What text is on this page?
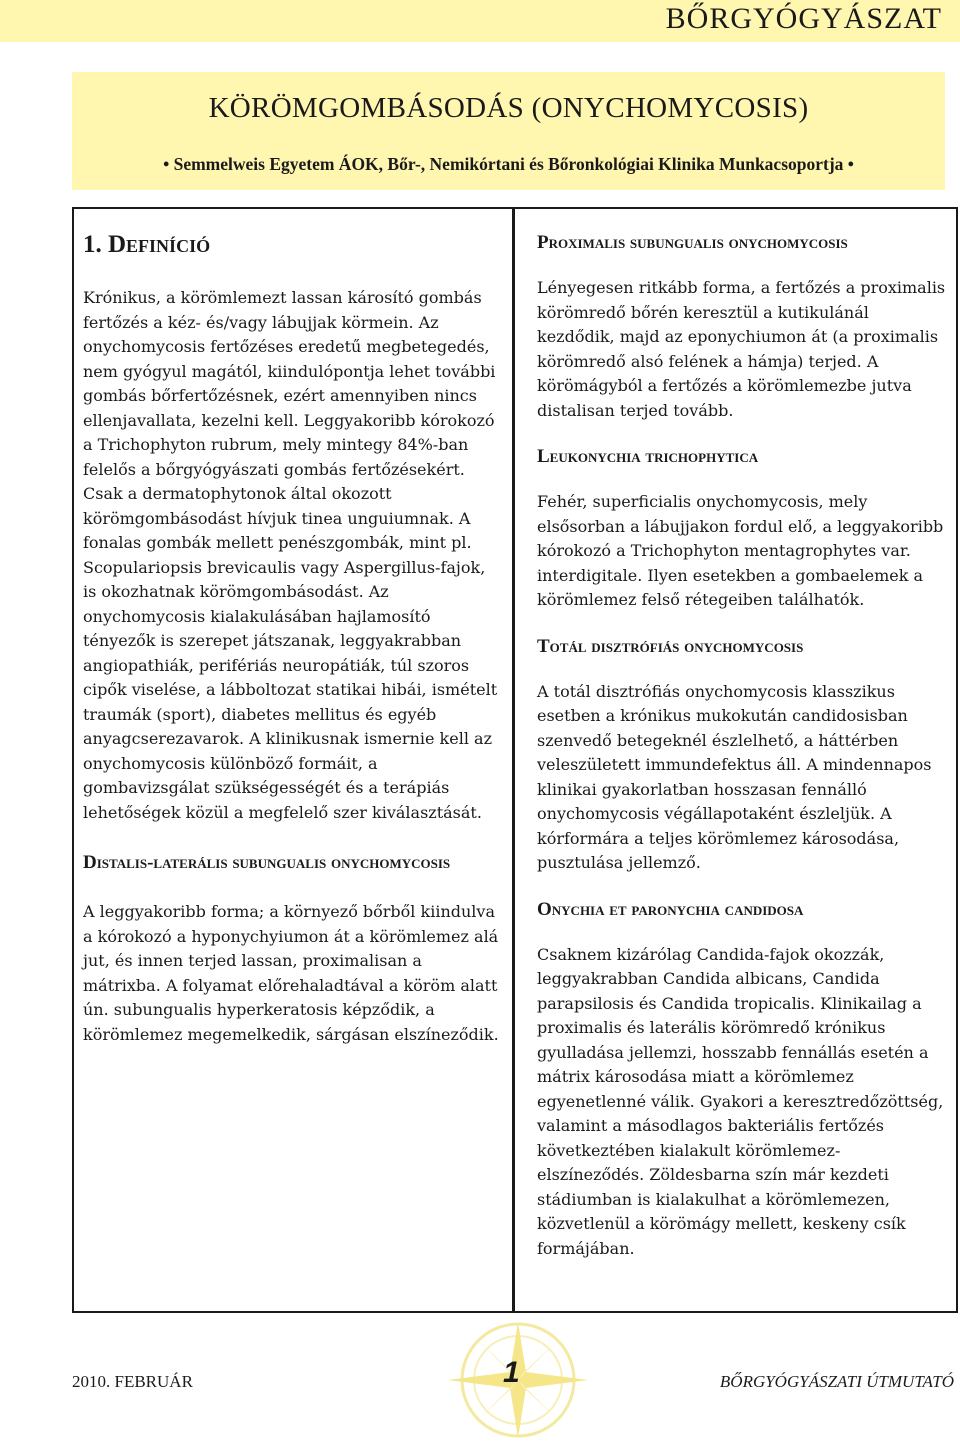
BŐRGYÓGYÁSZAT
KÖRÖMGOMBÁSODÁS (ONYCHOMYCOSIS)
• Semmelweis Egyetem ÁOK, Bőr-, Nemikórtani és Bőronkológiai Klinika Munkacsoportja •
1. Definíció

Krónikus, a körömlemezt lassan károsító gombás fertőzés a kéz- és/vagy lábujjak körmein. Az onychomycosis fertőzéses eredetű megbetegedés, nem gyógyul magától, kiindulópontja lehet további gombás bőrfertőzésnek, ezért amennyiben nincs ellenjavallata, kezelni kell. Leggyakoribb kórokozó a Trichophyton rubrum, mely mintegy 84%-ban felelős a bőrgyógyászati gombás fertőzésekért. Csak a dermatophytonok által okozott körömgombásodást hívjuk tinea unguiumnak. A fonalas gombák mellett penészgombák, mint pl. Scopulariopsis brevicaulis vagy Aspergillus-fajok, is okozhatnak körömgombásodást. Az onychomycosis kialakulásában hajlamosító tényezők is szerepet játszanak, leggyakrabban angiopathiák, perifériás neuropátiák, túl szoros cipők viselése, a lábboltozat statikai hibái, ismételt traumák (sport), diabetes mellitus és egyéb anyagcserezavarok. A klinikusnak ismernie kell az onychomycosis különböző formáit, a gombavizsgálat szükségességét és a terápiás lehetőségek közül a megfelelő szer kiválasztását.

Distalis-laterális subungualis onychomycosis

A leggyakoribb forma; a környező bőrből kiindulva a kórokozó a hyponychyiumon át a körömlemez alá jut, és innen terjed lassan, proximalisan a mátrixba. A folyamat előrehaladtával a köröm alatt ún. subungualis hyperkeratosis képződik, a körömlemez megemelkedik, sárgásan elszíneződik.

Proximalis subungualis onychomycosis

Lényegesen ritkább forma, a fertőzés a proximalis körömredő bőrén keresztül a kutikulánál kezdődik, majd az eponychiumon át (a proximalis körömredő alsó felének a hámja) terjed. A körömágyból a fertőzés a körömlemezbe jutva distalisan terjed tovább.

Leukonychia trichophytica

Fehér, superficialis onychomycosis, mely elsősorban a lábujjakon fordul elő, a leggyakoribb kórokozó a Trichophyton mentagrophytes var. interdigitale. Ilyen esetekben a gombaelemek a körömlemez felső rétegeiben találhatók.

Totál disztrófiás onychomycosis

A totál disztrófiás onychomycosis klasszikus esetben a krónikus mukokután candidosisban szenvedő betegeknél észlelhető, a háttérben veleszületett immundefektus áll. A mindennapos klinikai gyakorlatban hosszasan fennálló onychomycosis végállapotaként észleljük. A kórformára a teljes körömlemez károsodása, pusztulása jellemző.

Onychia et paronychia candidosa

Csaknem kizárólag Candida-fajok okozzák, leggyakrabban Candida albicans, Candida parapsilosis és Candida tropicalis. Klinikailag a proximalis és laterális körömredő krónikus gyulladása jellemzi, hosszabb fennállás esetén a mátrix károsodása miatt a körömlemez egyenetlenné válik. Gyakori a keresztredőzöttség, valamint a másodlagos bakteriális fertőzés következtében kialakult körömlemez-elszíneződés. Zöldesbarna szín már kezdeti stádiumban is kialakulhat a körömlemezen, közvetlenül a körömágy mellett, keskeny csík formájában.

2010. FEBRUÁR	1	BŐRGYÓGYÁSZATI ÚTMUTATÓ
